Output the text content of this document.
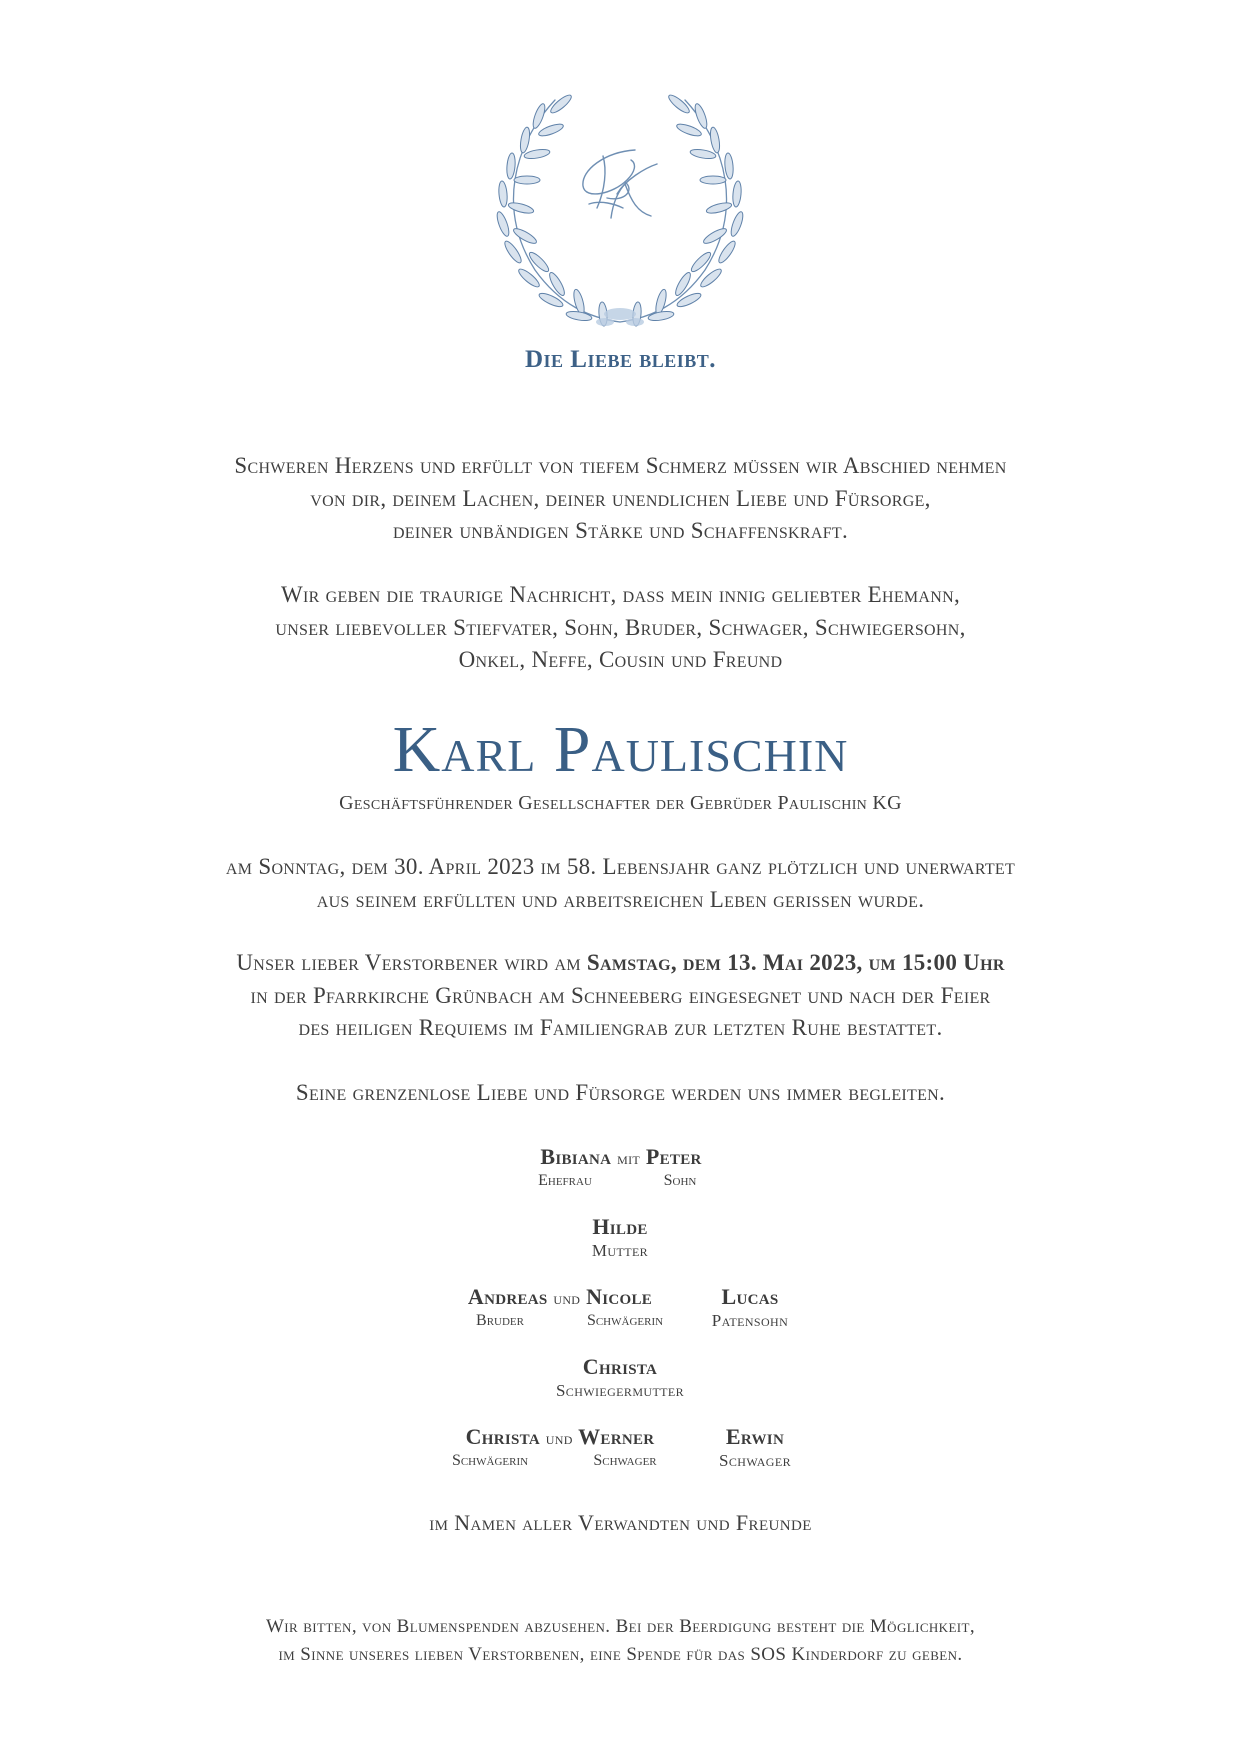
Die Liebe bleibt.
Schweren Herzens und erfüllt von tiefem Schmerz müssen wir Abschied nehmen
von dir, deinem Lachen, deiner unendlichen Liebe und Fürsorge,
deiner unbändigen Stärke und Schaffenskraft.
Wir geben die traurige Nachricht, dass mein innig geliebter Ehemann,
unser liebevoller Stiefvater, Sohn, Bruder, Schwager, Schwiegersohn,
Onkel, Neffe, Cousin und Freund
Karl Paulischin
Geschäftsführender Gesellschafter der Gebrüder Paulischin KG
am Sonntag, dem 30. April 2023 im 58. Lebensjahr ganz plötzlich und unerwartet
aus seinem erfüllten und arbeitsreichen Leben gerissen wurde.
Unser lieber Verstorbener wird am Samstag, dem 13. Mai 2023, um 15:00 Uhr
in der Pfarrkirche Grünbach am Schneeberg eingesegnet und nach der Feier
des heiligen Requiems im Familiengrab zur letzten Ruhe bestattet.
Seine grenzenlose Liebe und Fürsorge werden uns immer begleiten.
Bibiana mit Peter
Ehefrau	Sohn
Hilde
Mutter
Andreas und Nicole
Bruder	Schwägerin
Lucas
Patensohn
Christa
Schwiegermutter
Christa und Werner
Schwägerin	Schwager
Erwin
Schwager
im Namen aller Verwandten und Freunde
Wir bitten, von Blumenspenden abzusehen. Bei der Beerdigung besteht die Möglichkeit,
im Sinne unseres lieben Verstorbenen, eine Spende für das SOS Kinderdorf zu geben.
